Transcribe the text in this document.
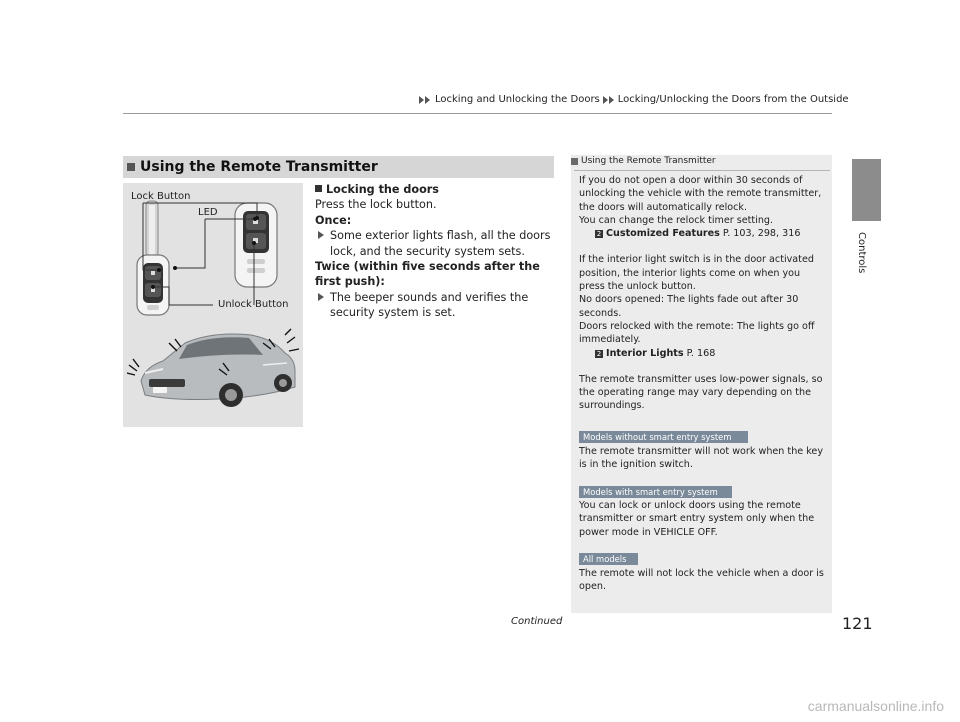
Locking and Unlocking the Doors Locking/Unlocking the Doors from the Outside
Controls
Using the Remote Transmitter
Lock Button
LED
Unlock Button

Locking the doors

Press the lock button.

Once:

Some exterior lights flash, all the doors lock, and the security system sets.

Twice (within five seconds after the first push):

The beeper sounds and verifies the security system is set.
Using the Remote Transmitter
If you do not open a door within 30 seconds of unlocking the vehicle with the remote transmitter, the doors will automatically relock.
You can change the relock timer setting.
2 Customized Features P. 103, 298, 316
If the interior light switch is in the door activated position, the interior lights come on when you press the unlock button.
No doors opened: The lights fade out after 30 seconds.
Doors relocked with the remote: The lights go off immediately.
2 Interior Lights P. 168
The remote transmitter uses low-power signals, so the operating range may vary depending on the surroundings.
Models without smart entry system
The remote transmitter will not work when the key is in the ignition switch.
Models with smart entry system
You can lock or unlock doors using the remote transmitter or smart entry system only when the power mode in VEHICLE OFF.
All models
The remote will not lock the vehicle when a door is open.
Continued	121
carmanualsonline.info
